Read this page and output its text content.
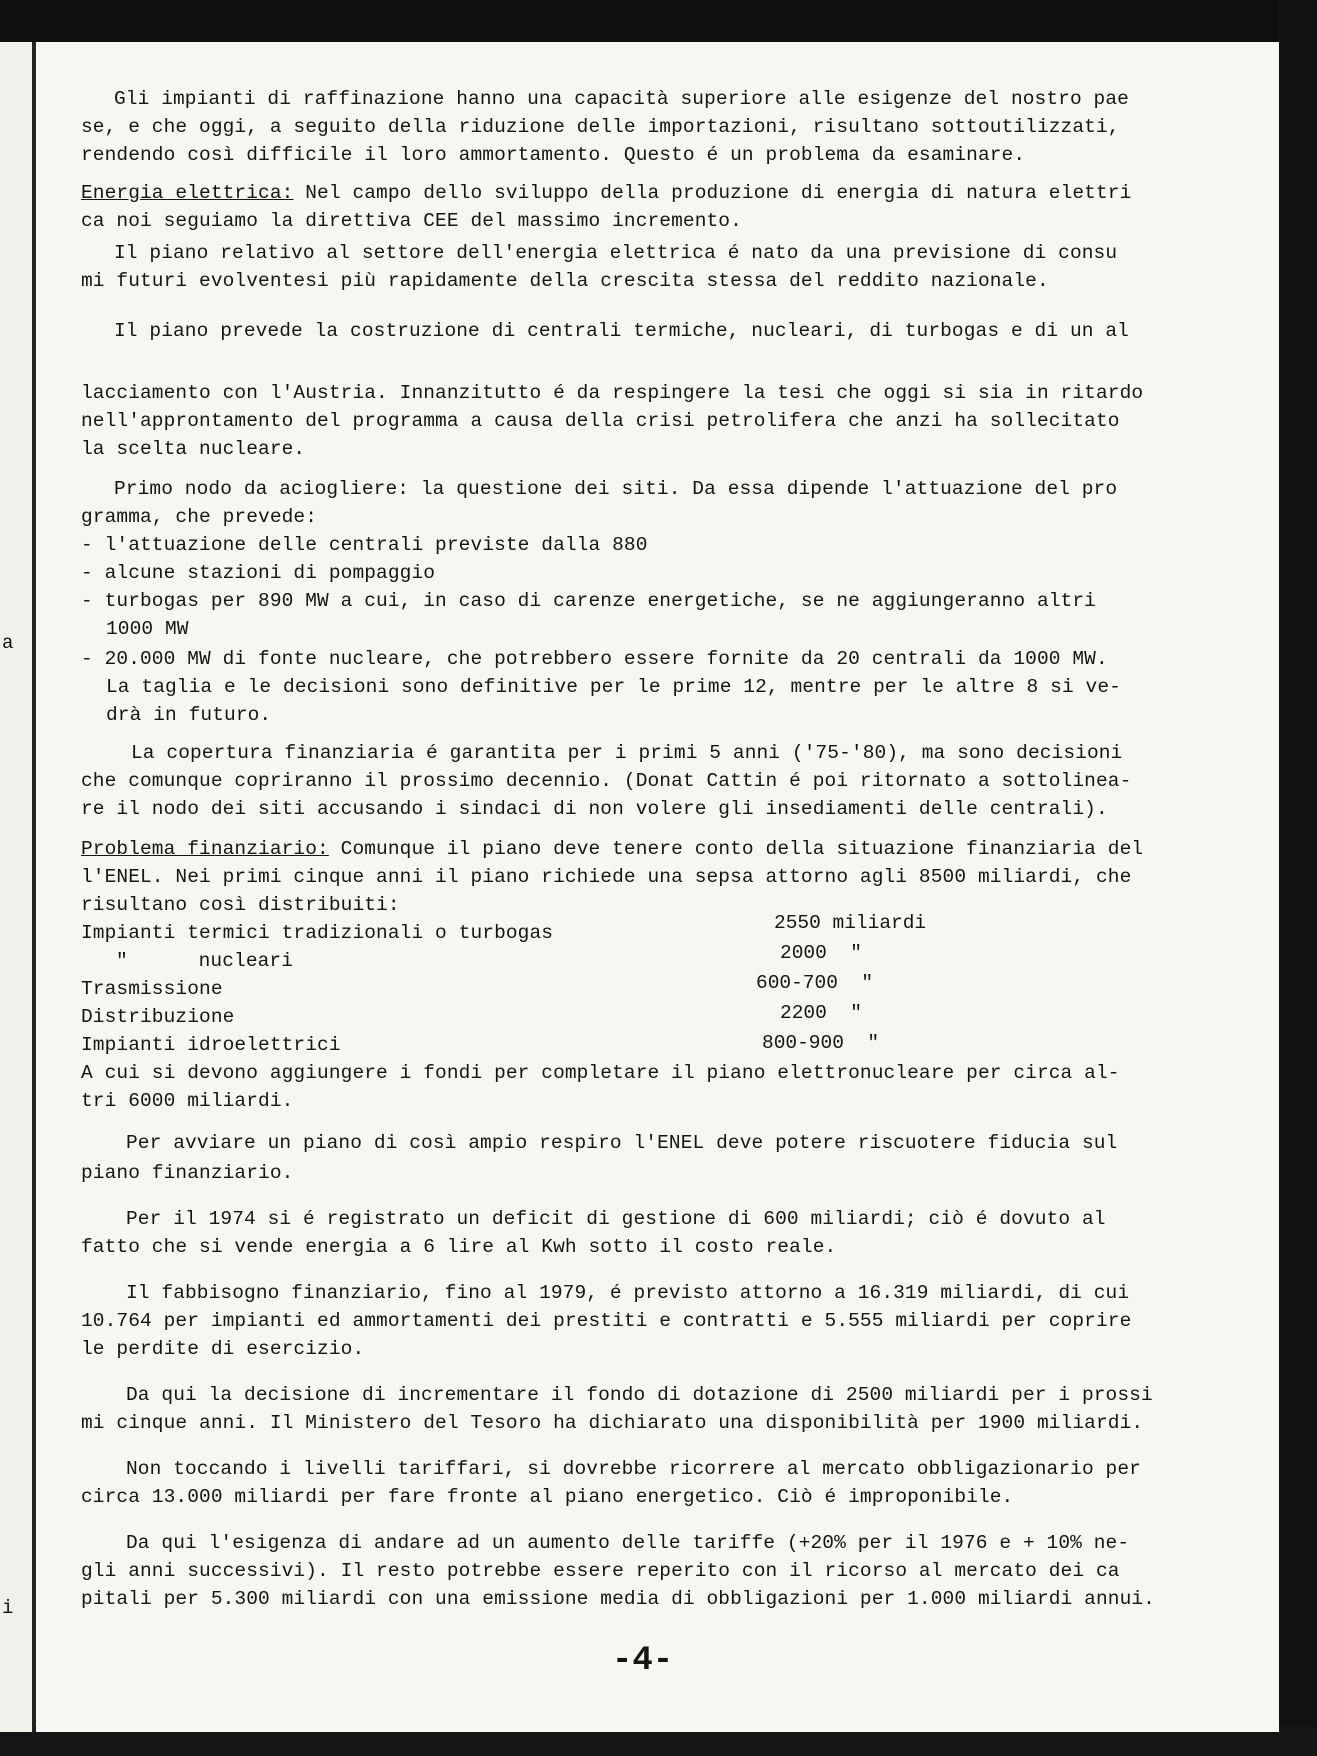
a
i
Gli impianti di raffinazione hanno una capacità superiore alle esigenze del nostro pae
se, e che oggi, a seguito della riduzione delle importazioni, risultano sottoutilizzati,
rendendo così difficile il loro ammortamento. Questo é un problema da esaminare.
Energia elettrica: Nel campo dello sviluppo della produzione di energia di natura elettri
ca noi seguiamo la direttiva CEE del massimo incremento.
Il piano relativo al settore dell'energia elettrica é nato da una previsione di consu
mi futuri evolventesi più rapidamente della crescita stessa del reddito nazionale.
Il piano prevede la costruzione di centrali termiche, nucleari, di turbogas e di un al
lacciamento con l'Austria. Innanzitutto é da respingere la tesi che oggi si sia in ritardo
nell'approntamento del programma a causa della crisi petrolifera che anzi ha sollecitato
la scelta nucleare.
Primo nodo da aciogliere: la questione dei siti. Da essa dipende l'attuazione del pro
gramma, che prevede:
- l'attuazione delle centrali previste dalla 880
- alcune stazioni di pompaggio
- turbogas per 890 MW a cui, in caso di carenze energetiche, se ne aggiungeranno altri
1000 MW
- 20.000 MW di fonte nucleare, che potrebbero essere fornite da 20 centrali da 1000 MW.
La taglia e le decisioni sono definitive per le prime 12, mentre per le altre 8 si ve-
drà in futuro.
La copertura finanziaria é garantita per i primi 5 anni ('75-'80), ma sono decisioni
che comunque copriranno il prossimo decennio. (Donat Cattin é poi ritornato a sottolinea-
re il nodo dei siti accusando i sindaci di non volere gli insediamenti delle centrali).
Problema finanziario: Comunque il piano deve tenere conto della situazione finanziaria del
l'ENEL. Nei primi cinque anni il piano richiede una sepsa attorno agli 8500 miliardi, che
risultano così distribuiti:
Impianti termici tradizionali o turbogas	2550 miliardi
"      nucleari	2000  "
Trasmissione	600-700  "
Distribuzione	2200  "
Impianti idroelettrici	800-900  "
A cui si devono aggiungere i fondi per completare il piano elettronucleare per circa al-
tri 6000 miliardi.
Per avviare un piano di così ampio respiro l'ENEL deve potere riscuotere fiducia sul
piano finanziario.
Per il 1974 si é registrato un deficit di gestione di 600 miliardi; ciò é dovuto al
fatto che si vende energia a 6 lire al Kwh sotto il costo reale.
Il fabbisogno finanziario, fino al 1979, é previsto attorno a 16.319 miliardi, di cui
10.764 per impianti ed ammortamenti dei prestiti e contratti e 5.555 miliardi per coprire
le perdite di esercizio.
Da qui la decisione di incrementare il fondo di dotazione di 2500 miliardi per i prossi
mi cinque anni. Il Ministero del Tesoro ha dichiarato una disponibilità per 1900 miliardi.
Non toccando i livelli tariffari, si dovrebbe ricorrere al mercato obbligazionario per
circa 13.000 miliardi per fare fronte al piano energetico. Ciò é improponibile.
Da qui l'esigenza di andare ad un aumento delle tariffe (+20% per il 1976 e + 10% ne-
gli anni successivi). Il resto potrebbe essere reperito con il ricorso al mercato dei ca
pitali per 5.300 miliardi con una emissione media di obbligazioni per 1.000 miliardi annui.
-4-
